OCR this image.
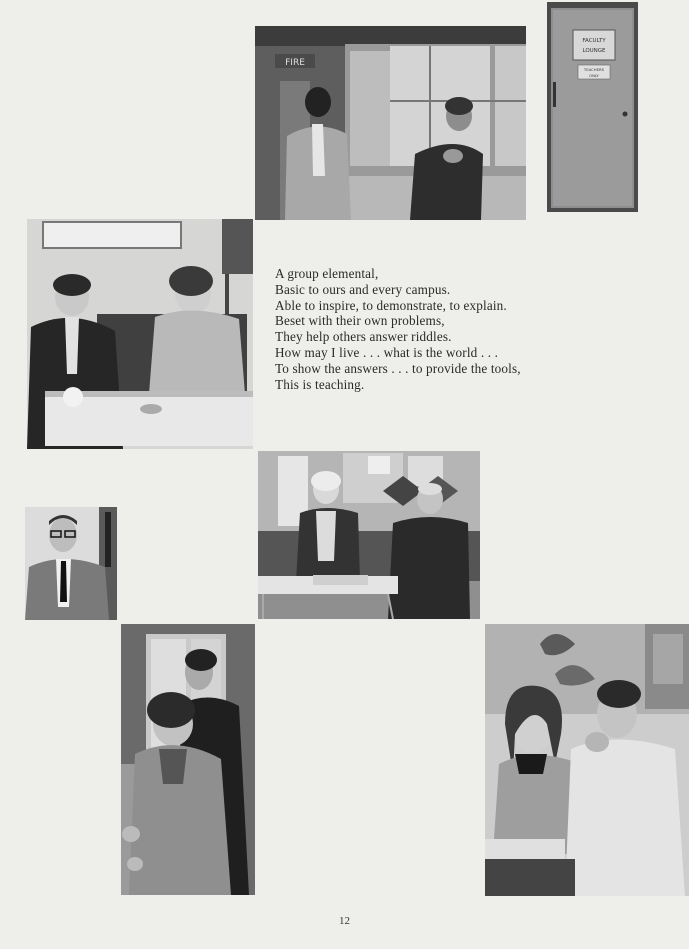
FIRE
FACULTY
LOUNGE
TEACHERS
ONLY
A group elemental,
Basic to ours and every campus.
Able to inspire, to demonstrate, to explain.
Beset with their own problems,
They help others answer riddles.
How may I live . . . what is the world . . .
To show the answers . . . to provide the tools,
This is teaching.
12
